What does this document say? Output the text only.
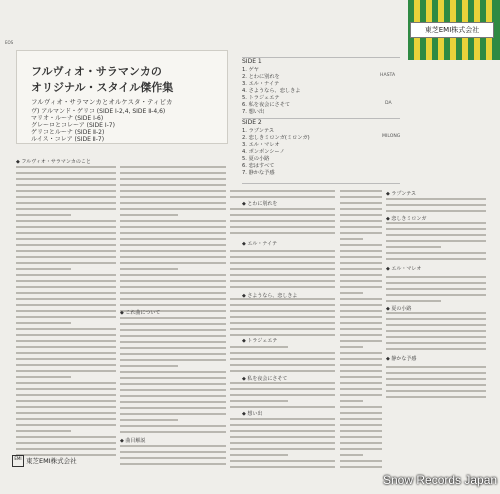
東芝EMI株式会社
EOS
フルヴィオ・サラマンカの
オリジナル・スタイル傑作集
フルヴィオ・サラマンカとオルケスタ・ティピカ
ヴ) アルマンド・ゲリコ (SIDE Ⅰ-2,4, SIDE Ⅱ-4,6)
マリオ・ルーナ (SIDE Ⅰ-6)
グレーロとコレーア (SIDE Ⅰ-7)
ゲリコとルーナ (SIDE Ⅱ-2)
ルイス・コレア (SIDE Ⅱ-7)
SIDE 1
1. ゲヤ
2. とわに別れを
3. エル・ナイテ
4. さようなら、恋しきよ
5. トラジェエテ
6. 私を夜会にさそて
7. 想い出
HASTA
DA
SIDE 2
1. ラブンテス
2. 恋しきミロンガ(ミロンガ)
3. エル・マレオ
4. ボンボンシーノ
5. 夏の小路
6. 恋はすべて
7. 静かな予感
MILONG
◆ フルヴィオ・サラマンカのこと
◆ これ曲について
◆ 曲目解説
◆ とわに別れを
◆ エル・ナイテ
◆ さようなら、恋しきよ
◆ トラジェエテ
◆ 私を夜会にさそて
◆ 想い出
◆ ラプンテス
◆ 恋しきミロンガ
◆ エル・マレオ
◆ 夏の小路
◆ 静かな予感
EMI 東芝EMI株式会社
Snow Records Japan
